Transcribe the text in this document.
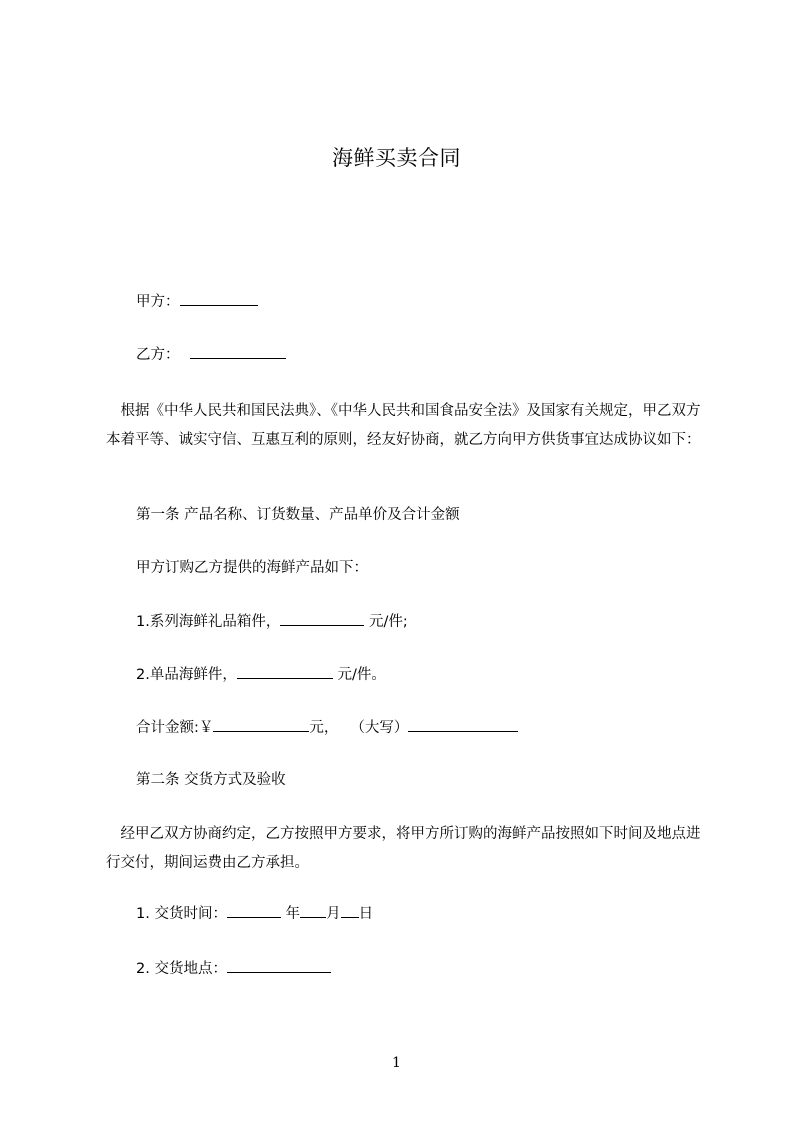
海鲜买卖合同
甲方：
乙方：
　根据《中华人民共和国民法典》、《中华人民共和国食品安全法》及国家有关规定，甲乙双方本着平等、诚实守信、互惠互利的原则，经友好协商，就乙方向甲方供货事宜达成协议如下：
第一条 产品名称、订货数量、产品单价及合计金额
甲方订购乙方提供的海鲜产品如下：
1.系列海鲜礼品箱件，	元/件;
2.单品海鲜件，	元/件。
合计金额:￥	元， （大写）
第二条 交货方式及验收
　经甲乙双方协商约定，乙方按照甲方要求，将甲方所订购的海鲜产品按照如下时间及地点进行交付，期间运费由乙方承担。
1. 交货时间：	年 月 日
2. 交货地点：
1
